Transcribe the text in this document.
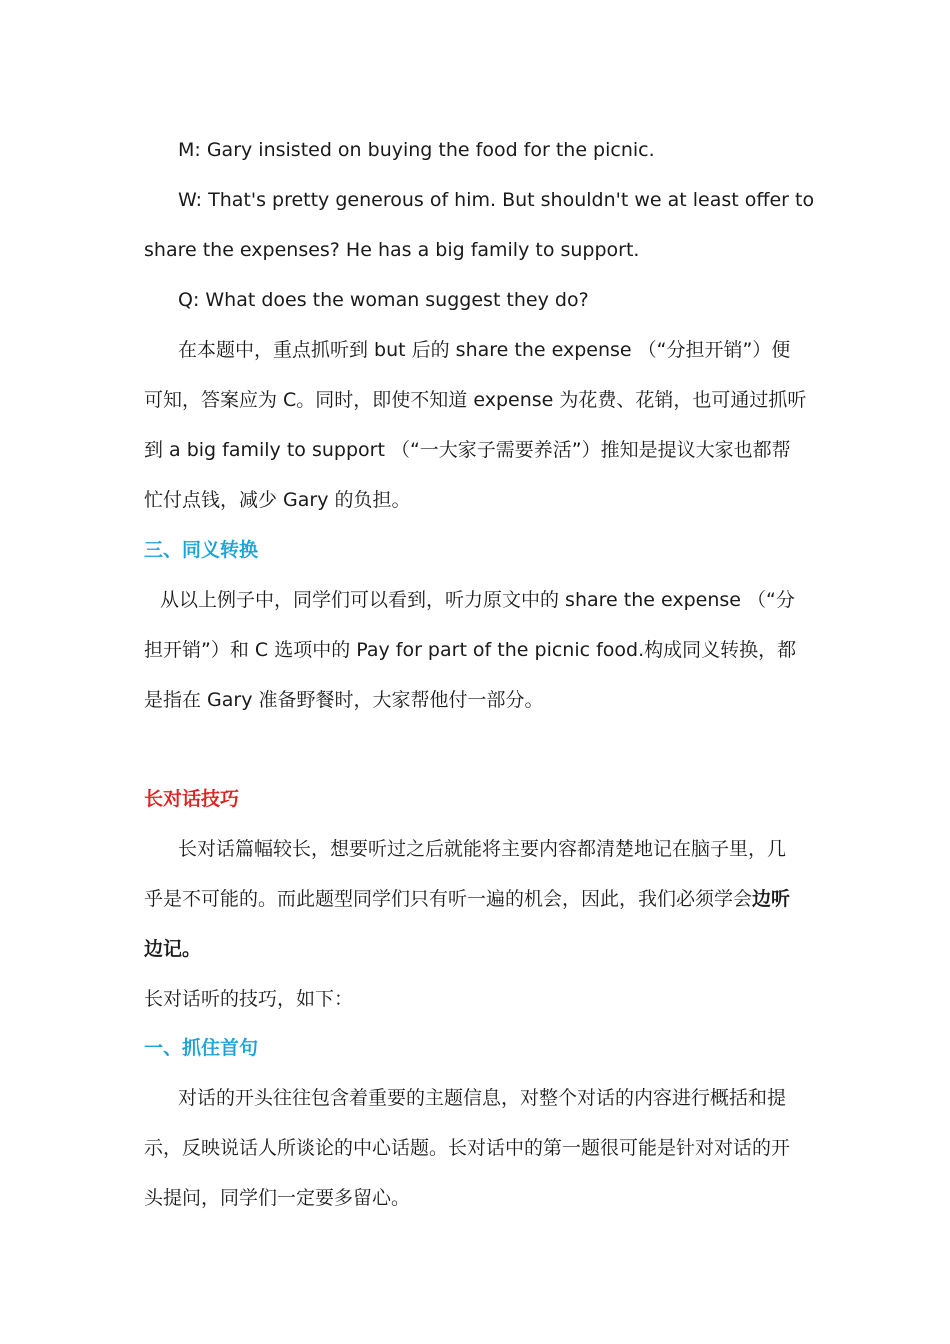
M: Gary insisted on buying the food for the picnic.
W: That's pretty generous of him. But shouldn't we at least offer to
share the expenses? He has a big family to support.
Q: What does the woman suggest they do?
在本题中，重点抓听到 but 后的 share the expense （“分担开销”）便
可知，答案应为 C。同时，即使不知道 expense 为花费、花销，也可通过抓听
到 a big family to support （“一大家子需要养活”）推知是提议大家也都帮
忙付点钱，减少 Gary 的负担。
三、同义转换
从以上例子中，同学们可以看到，听力原文中的 share the expense （“分
担开销”）和 C 选项中的 Pay for part of the picnic food.构成同义转换，都
是指在 Gary 准备野餐时，大家帮他付一部分。
长对话技巧
长对话篇幅较长，想要听过之后就能将主要内容都清楚地记在脑子里，几
乎是不可能的。而此题型同学们只有听一遍的机会，因此，我们必须学会边听
边记。
长对话听的技巧，如下：
一、抓住首句
对话的开头往往包含着重要的主题信息，对整个对话的内容进行概括和提
示，反映说话人所谈论的中心话题。长对话中的第一题很可能是针对对话的开
头提问，同学们一定要多留心。
